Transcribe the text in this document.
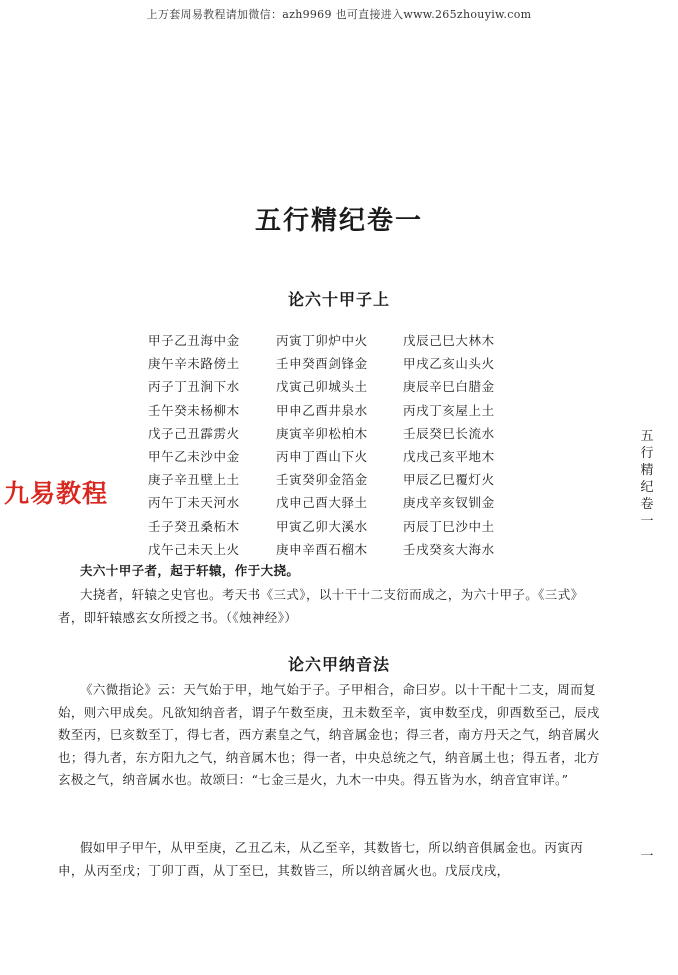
上万套周易教程请加微信：azh9969 也可直接进入www.265zhouyiw.com
五行精纪卷一
论六十甲子上
甲子乙丑海中金	丙寅丁卯炉中火	戊辰己巳大林木
庚午辛未路傍土	壬申癸酉剑锋金	甲戌乙亥山头火
丙子丁丑涧下水	戊寅己卯城头土	庚辰辛巳白腊金
壬午癸未杨柳木	甲申乙酉井泉水	丙戌丁亥屋上土
戊子己丑霹雳火	庚寅辛卯松柏木	壬辰癸巳长流水
甲午乙未沙中金	丙申丁酉山下火	戊戌己亥平地木
庚子辛丑壁上土	壬寅癸卯金箔金	甲辰乙巳覆灯火
丙午丁未天河水	戊申己酉大驿土	庚戌辛亥钗钏金
壬子癸丑桑柘木	甲寅乙卯大溪水	丙辰丁巳沙中土
戊午己未天上火	庚申辛酉石榴木	壬戌癸亥大海水

夫六十甲子者，起于轩辕，作于大挠。

大挠者，轩辕之史官也。考天书《三式》，以十干十二支衍而成之，为六十甲子。《三式》者，即轩辕感玄女所授之书。（《烛神经》）

论六甲纳音法

《六微指论》云：天气始于甲，地气始于子。子甲相合，命曰岁。以十干配十二支，周而复始，则六甲成矣。凡欲知纳音者，谓子午数至庚，丑未数至辛，寅申数至戊，卯酉数至己，辰戌数至丙，巳亥数至丁，得七者，西方素皇之气，纳音属金也；得三者，南方丹天之气，纳音属火也；得九者，东方阳九之气，纳音属木也；得一者，中央总统之气，纳音属土也；得五者，北方玄极之气，纳音属水也。故颂曰：“七金三是火，九木一中央。得五皆为水，纳音宜审详。”

假如甲子甲午，从甲至庚，乙丑乙未，从乙至辛，其数皆七，所以纳音俱属金也。丙寅丙申，从丙至戊；丁卯丁酉，从丁至巳，其数皆三，所以纳音属火也。戊辰戊戌，

九易教程
五行精纪卷一
一
